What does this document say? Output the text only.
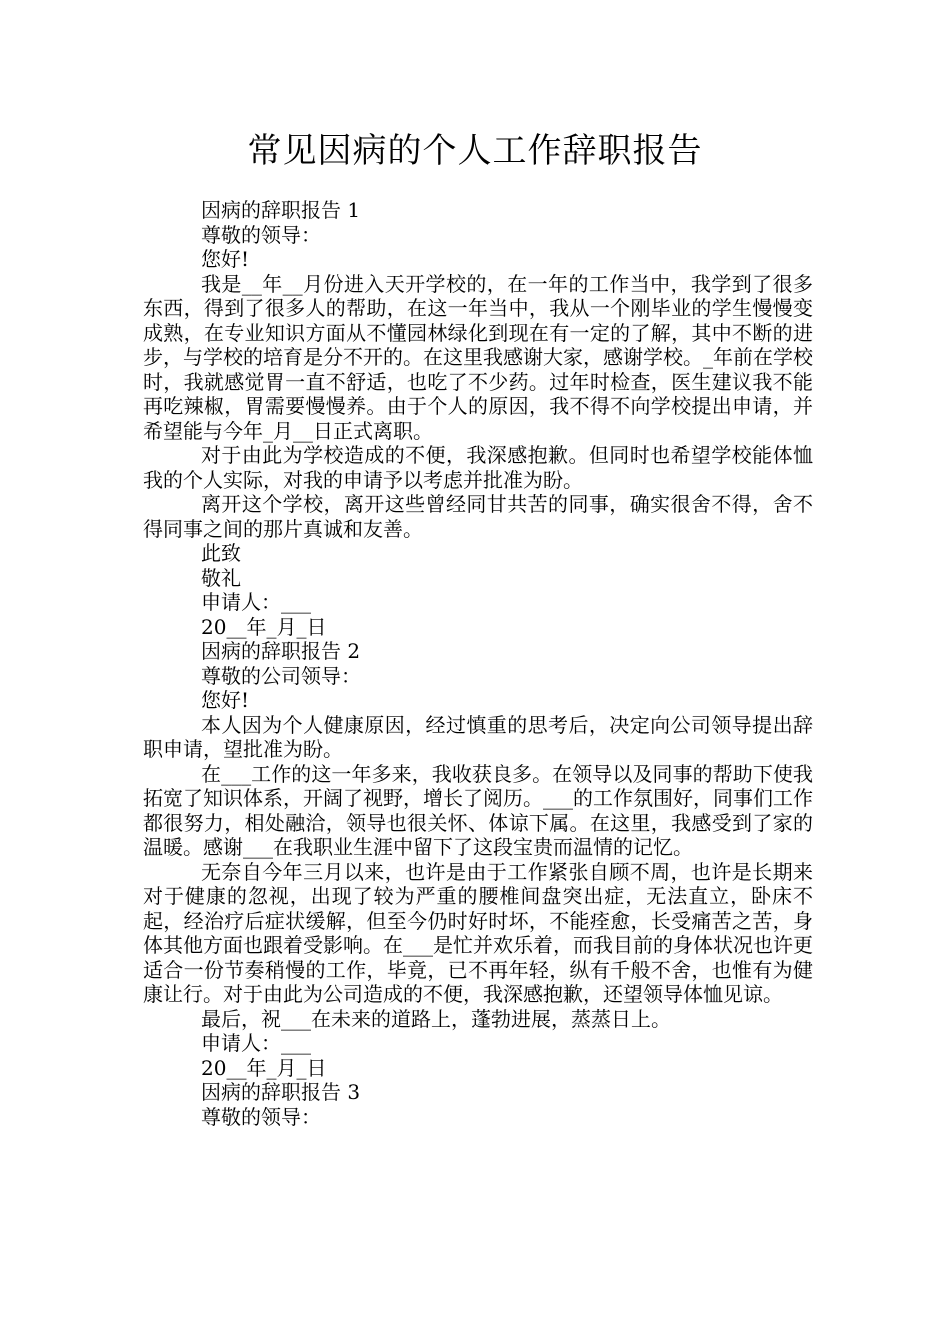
常见因病的个人工作辞职报告

因病的辞职报告 1

尊敬的领导：

您好!

我是__年__月份进入天开学校的，在一年的工作当中，我学到了很多东西，得到了很多人的帮助，在这一年当中，我从一个刚毕业的学生慢慢变成熟，在专业知识方面从不懂园林绿化到现在有一定的了解，其中不断的进步，与学校的培育是分不开的。在这里我感谢大家，感谢学校。_年前在学校时，我就感觉胃一直不舒适，也吃了不少药。过年时检查，医生建议我不能再吃辣椒，胃需要慢慢养。由于个人的原因，我不得不向学校提出申请，并希望能与今年_月__日正式离职。

对于由此为学校造成的不便，我深感抱歉。但同时也希望学校能体恤我的个人实际，对我的申请予以考虑并批准为盼。

离开这个学校，离开这些曾经同甘共苦的同事，确实很舍不得，舍不得同事之间的那片真诚和友善。

此致

敬礼

申请人：___

20__年_月_日

因病的辞职报告 2

尊敬的公司领导：

您好!

本人因为个人健康原因，经过慎重的思考后，决定向公司领导提出辞职申请，望批准为盼。

在___工作的这一年多来，我收获良多。在领导以及同事的帮助下使我拓宽了知识体系，开阔了视野，增长了阅历。___的工作氛围好，同事们工作都很努力，相处融洽，领导也很关怀、体谅下属。在这里，我感受到了家的温暖。感谢___在我职业生涯中留下了这段宝贵而温情的记忆。

无奈自今年三月以来，也许是由于工作紧张自顾不周，也许是长期来对于健康的忽视，出现了较为严重的腰椎间盘突出症，无法直立，卧床不起，经治疗后症状缓解，但至今仍时好时坏，不能痊愈，长受痛苦之苦，身体其他方面也跟着受影响。在___是忙并欢乐着，而我目前的身体状况也许更适合一份节奏稍慢的工作，毕竟，已不再年轻，纵有千般不舍，也惟有为健康让行。对于由此为公司造成的不便，我深感抱歉，还望领导体恤见谅。

最后，祝___在未来的道路上，蓬勃进展，蒸蒸日上。

申请人：___

20__年_月_日

因病的辞职报告 3

尊敬的领导：
